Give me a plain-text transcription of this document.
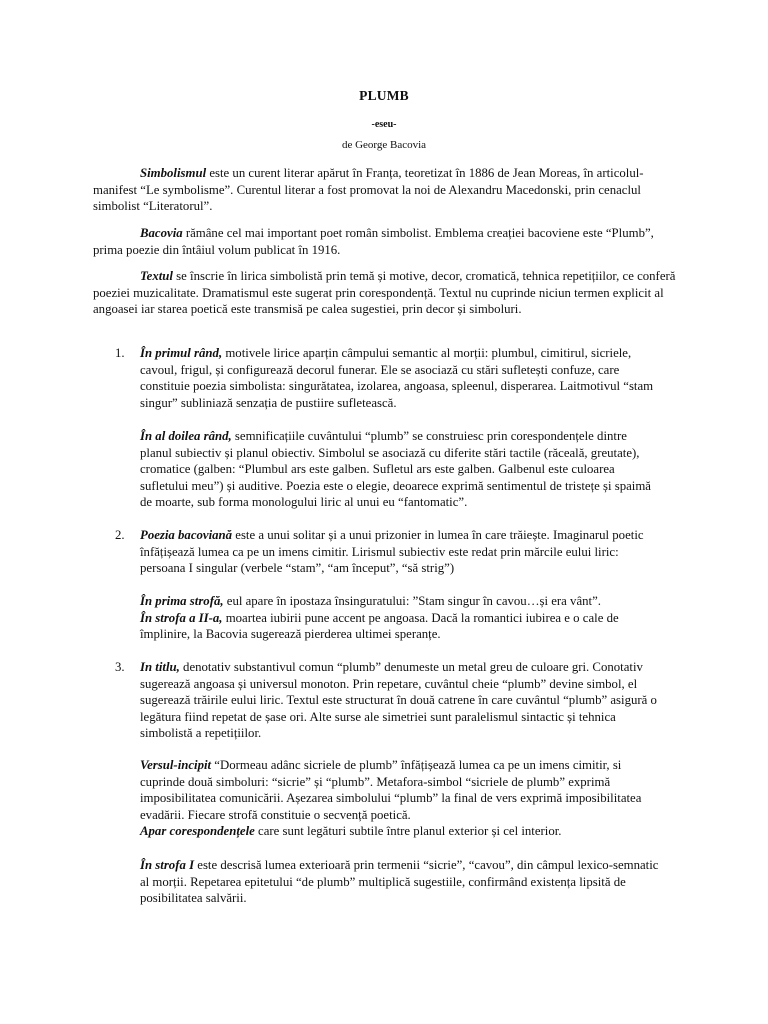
PLUMB
-eseu-
de George Bacovia

Simbolismul este un curent literar apărut în Franța, teoretizat în 1886 de Jean Moreas, în articolul-manifest “Le symbolisme”. Curentul literar a fost promovat la noi de Alexandru Macedonski, prin cenaclul simbolist “Literatorul”.

Bacovia rămâne cel mai important poet român simbolist. Emblema creației bacoviene este “Plumb”, prima poezie din întâiul volum publicat în 1916.

Textul se înscrie în lirica simbolistă prin temă și motive, decor, cromatică, tehnica repetițiilor, ce conferă poeziei muzicalitate. Dramatismul este sugerat prin corespondență. Textul nu cuprinde niciun termen explicit al angoasei iar starea poetică este transmisă pe calea sugestiei, prin decor și simboluri.

1. În primul rând, motivele lirice aparțin câmpului semantic al morții: plumbul, cimitirul, sicriele, cavoul, frigul, și configurează decorul funerar. Ele se asociază cu stări sufletești confuze, care constituie poezia simbolista: singurătatea, izolarea, angoasa, spleenul, disperarea. Laitmotivul “stam singur” subliniază senzația de pustiire sufletească.

În al doilea rând, semnificațiile cuvântului “plumb” se construiesc prin corespondențele dintre planul subiectiv și planul obiectiv. Simbolul se asociază cu diferite stări tactile (răceală, greutate), cromatice (galben: “Plumbul ars este galben. Sufletul ars este galben. Galbenul este culoarea sufletului meu”) și auditive. Poezia este o elegie, deoarece exprimă sentimentul de tristețe și spaimă de moarte, sub forma monologului liric al unui eu “fantomatic”.

2. Poezia bacoviană este a unui solitar și a unui prizonier in lumea în care trăiește. Imaginarul poetic înfățișează lumea ca pe un imens cimitir. Lirismul subiectiv este redat prin mărcile eului liric: persoana I singular (verbele “stam”, “am început”, “să strig”)

În prima strofă, eul apare în ipostaza însinguratului: ”Stam singur în cavou…și era vânt”.
În strofa a II-a, moartea iubirii pune accent pe angoasa. Dacă la romantici iubirea e o cale de împlinire, la Bacovia sugerează pierderea ultimei speranțe.

3. In titlu, denotativ substantivul comun “plumb” denumeste un metal greu de culoare gri. Conotativ sugerează angoasa și universul monoton. Prin repetare, cuvântul cheie “plumb” devine simbol, el sugerează trăirile eului liric. Textul este structurat în două catrene în care cuvântul “plumb” asigură o legătura fiind repetat de șase ori. Alte surse ale simetriei sunt paralelismul sintactic și tehnica simbolistă a repetițiilor.

Versul-incipit “Dormeau adânc sicriele de plumb” înfățișează lumea ca pe un imens cimitir, si cuprinde două simboluri: “sicrie” și “plumb”. Metafora-simbol “sicriele de plumb” exprimă imposibilitatea comunicării. Așezarea simbolului “plumb” la final de vers exprimă imposibilitatea evadării. Fiecare strofă constituie o secvență poetică.
Apar corespondențele care sunt legături subtile între planul exterior și cel interior.

În strofa I este descrisă lumea exterioară prin termenii “sicrie”, “cavou”, din câmpul lexico-semnatic al morții. Repetarea epitetului “de plumb” multiplică sugestiile, confirmând existența lipsită de posibilitatea salvării.
